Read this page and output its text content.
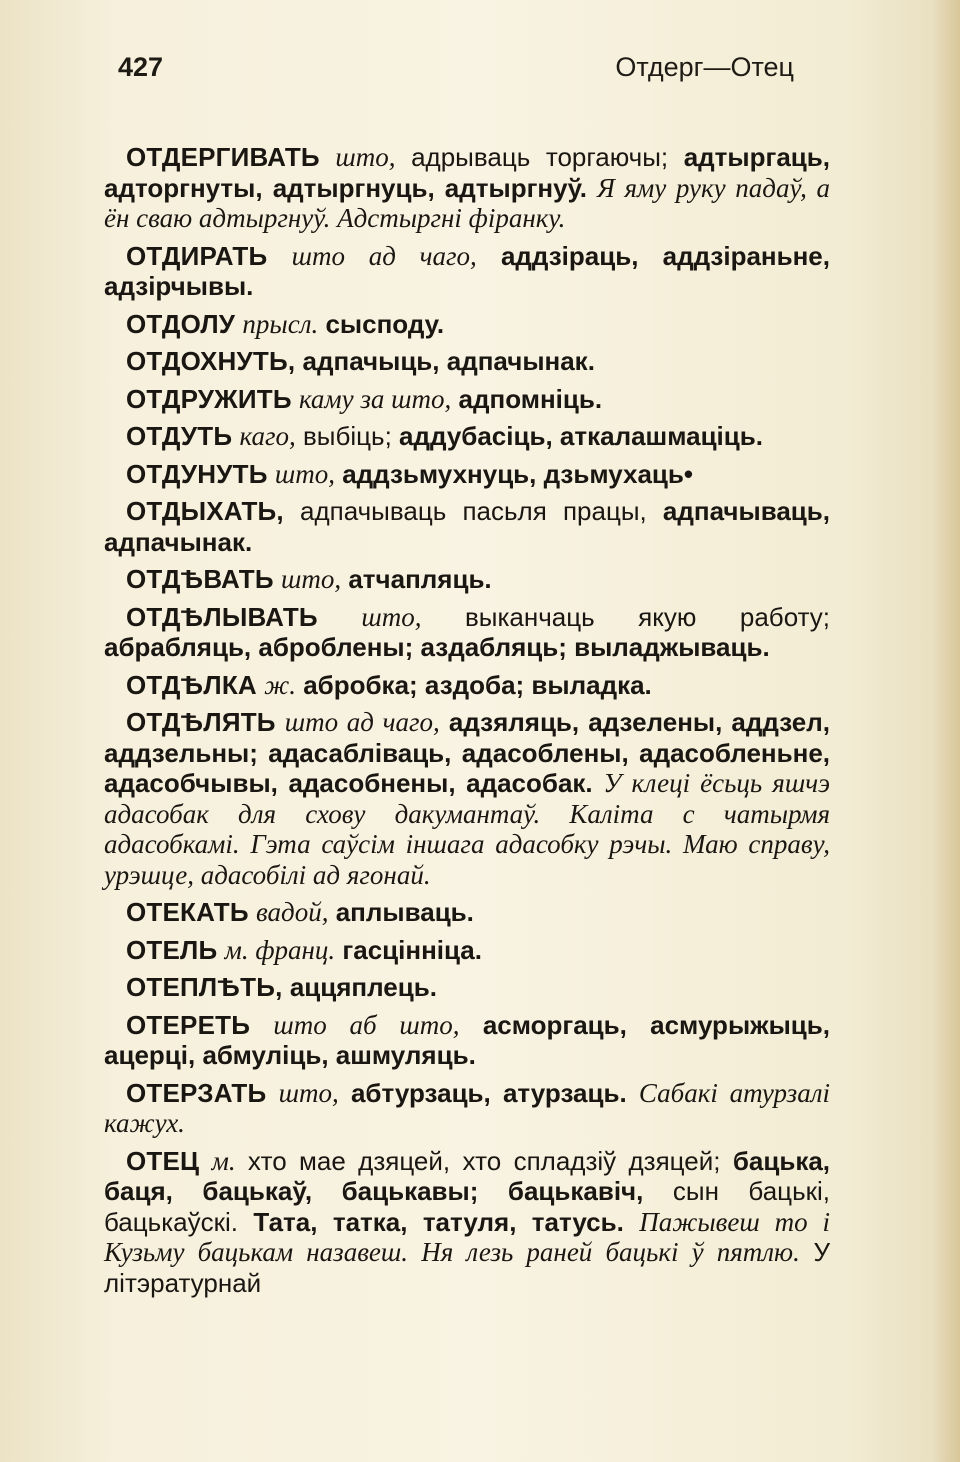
427	Отдерг—Отец

ОТДЕРГИВАТЬ што, адрываць торгаючы; адтыргаць, адторгнуты, адтыргнуць, адтыргнуў. Я яму руку падаў, а ён сваю адтыргнуў. Адстыргні фіранку.

ОТДИРАТЬ што ад чаго, аддзіраць, аддзіраньне, адзірчывы.

ОТДОЛУ прысл. сысподу.

ОТДОХНУТЬ, адпачыць, адпачынак.

ОТДРУЖИТЬ каму за што, адпомніць.

ОТДУТЬ каго, выбіць; аддубасіць, аткалашмаціць.

ОТДУНУТЬ што, аддзьмухнуць, дзьмухаць•

ОТДЫХАТЬ, адпачываць пасьля працы, адпачываць, адпачынак.

ОТДѢВАТЬ што, атчапляць.

ОТДѢЛЫВАТЬ што, выканчаць якую работу; абрабляць, аброблены; аздабляць; выладжываць.

ОТДѢЛКА ж. абробка; аздоба; выладка.

ОТДѢЛЯТЬ што ад чаго, адзяляць, адзелены, аддзел, аддзельны; адасабліваць, адасоблены, адасобленьне, адасобчывы, адасобнены, адасобак. У клеці ёсьць яшчэ адасобак для схову дакумантаў. Каліта с чатырмя адасобкамі. Гэта саўсім іншага адасобку рэчы. Маю справу, урэшце, адасобілі ад ягонай.

ОТЕКАТЬ вадой, аплываць.

ОТЕЛЬ м. франц. гасцінніца.

ОТЕПЛѢТЬ, аццяплець.

ОТЕРЕТЬ што аб што, асморгаць, асмурыжыць, ацерці, абмуліць, ашмуляць.

ОТЕРЗАТЬ што, абтурзаць, атурзаць. Сабакі атурзалі кажух.

ОТЕЦ м. хто мае дзяцей, хто спладзіў дзяцей; бацька, баця, бацькаў, бацькавы; бацькавіч, сын бацькі, бацькаўскі. Тата, татка, татуля, татусь. Пажывеш то і Кузьму бацькам назавеш. Ня лезь раней бацькі ў пятлю. У літэратурнай
